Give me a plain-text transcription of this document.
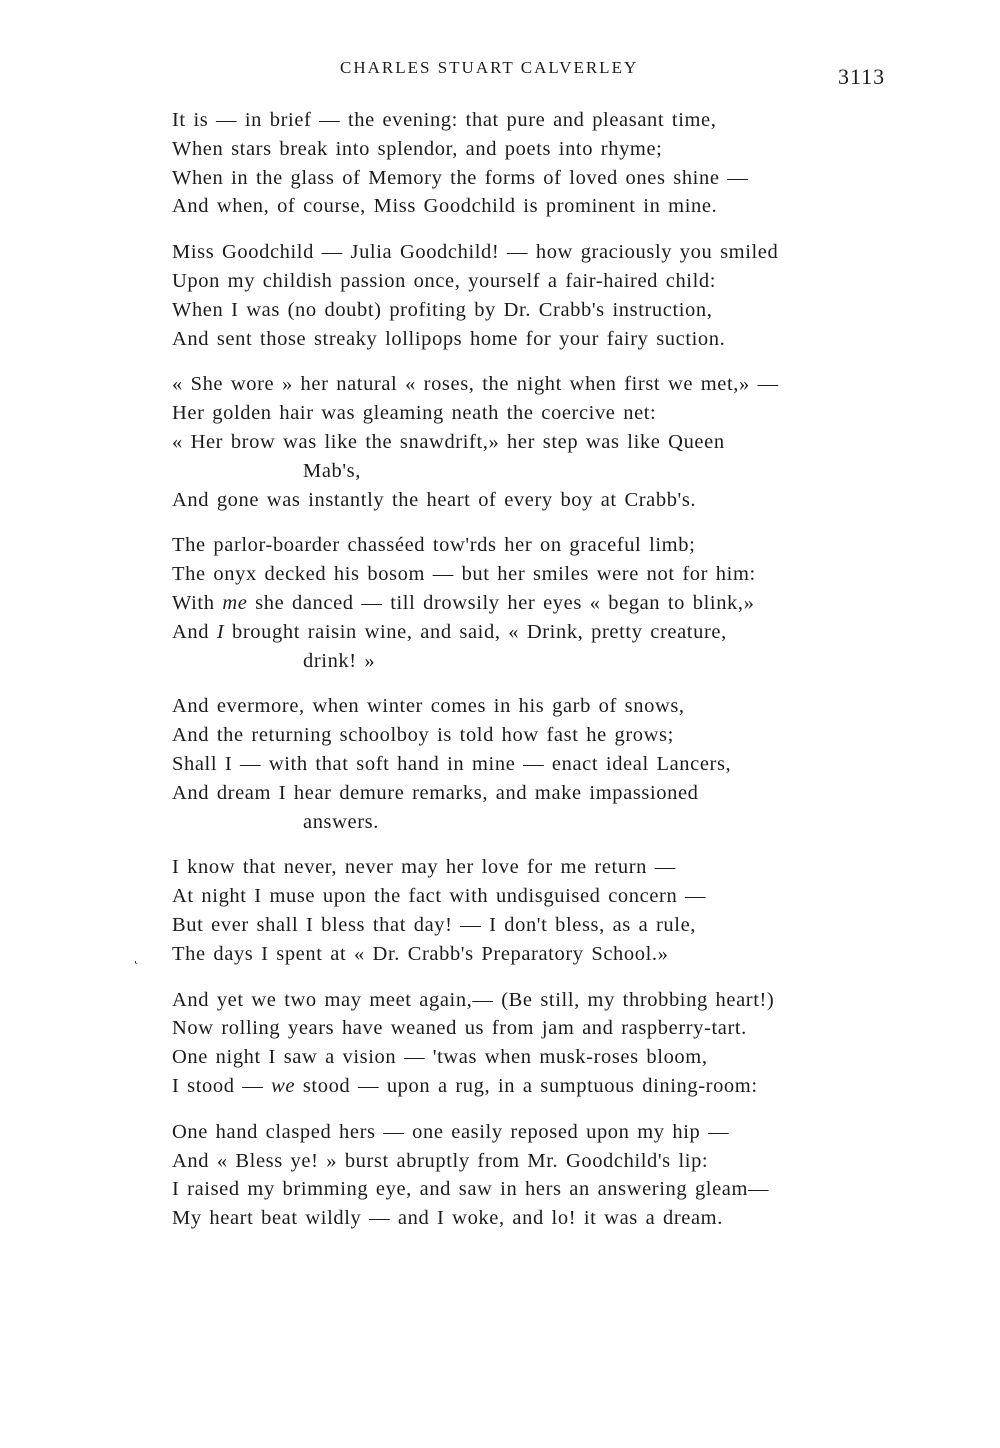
CHARLES STUART CALVERLEY	3113
˛
It is — in brief — the evening: that pure and pleasant time,
When stars break into splendor, and poets into rhyme;
When in the glass of Memory the forms of loved ones shine —
And when, of course, Miss Goodchild is prominent in mine.
Miss Goodchild — Julia Goodchild! — how graciously you smiled
Upon my childish passion once, yourself a fair-haired child:
When I was (no doubt) profiting by Dr. Crabb's instruction,
And sent those streaky lollipops home for your fairy suction.
« She wore » her natural « roses, the night when first we met,» —
Her golden hair was gleaming neath the coercive net:
« Her brow was like the snawdrift,» her step was like Queen
Mab's,
And gone was instantly the heart of every boy at Crabb's.
The parlor-boarder chasséed tow'rds her on graceful limb;
The onyx decked his bosom — but her smiles were not for him:
With me she danced — till drowsily her eyes « began to blink,»
And I brought raisin wine, and said, « Drink, pretty creature,
drink! »
And evermore, when winter comes in his garb of snows,
And the returning schoolboy is told how fast he grows;
Shall I — with that soft hand in mine — enact ideal Lancers,
And dream I hear demure remarks, and make impassioned
answers.
I know that never, never may her love for me return —
At night I muse upon the fact with undisguised concern —
But ever shall I bless that day! — I don't bless, as a rule,
The days I spent at « Dr. Crabb's Preparatory School.»
And yet we two may meet again,— (Be still, my throbbing heart!)
Now rolling years have weaned us from jam and raspberry-tart.
One night I saw a vision — 'twas when musk-roses bloom,
I stood — we stood — upon a rug, in a sumptuous dining-room:
One hand clasped hers — one easily reposed upon my hip —
And « Bless ye! » burst abruptly from Mr. Goodchild's lip:
I raised my brimming eye, and saw in hers an answering gleam—
My heart beat wildly — and I woke, and lo! it was a dream.
